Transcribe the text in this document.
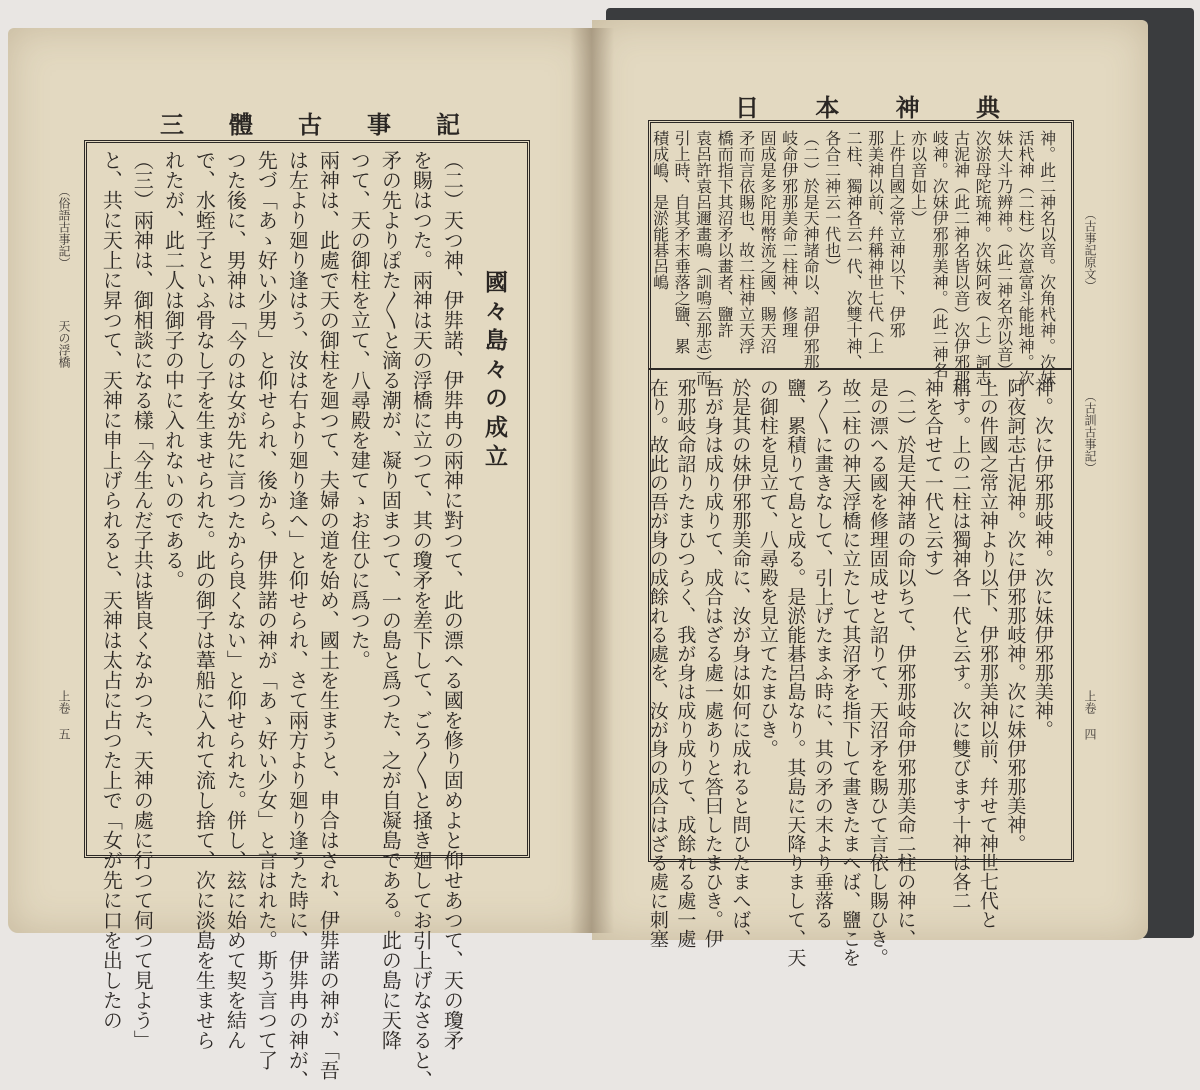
三 體 古 事 記
（俗語古事記）
天の浮橋
上卷 五
國々島々の成立
（二）天つ神、伊弉諾、伊弉冉の兩神に對つて、此の漂へる國を修り固めよと仰せあつて、天の瓊矛
を賜はつた。兩神は天の浮橋に立つて、其の瓊矛を差下して、ごろ〳〵と掻き廻してお引上げなさると、
矛の先よりぽた〳〵と滴る潮が、凝り固まつて、一の島と爲つた、之が自凝島である。此の島に天降
つて、天の御柱を立て、八尋殿を建てゝお住ひに爲つた。
兩神は、此處で天の御柱を廻つて、夫婦の道を始め、國土を生まうと、申合はされ、伊弉諾の神が、「吾
は左より廻り逢はう、汝は右より廻り逢へ」と仰せられ、さて兩方より廻り逢うた時に、伊弉冉の神が、
先づ「あゝ好い少男」と仰せられ、後から、伊弉諾の神が「あゝ好い少女」と言はれた。斯う言つて了
つた後に、男神は「今のは女が先に言つたから良くない」と仰せられた。併し、玆に始めて契を結ん
で、水蛭子といふ骨なし子を生ませられた。此の御子は葦船に入れて流し捨て、次に淡島を生ませら
れたが、此二人は御子の中に入れないのである。
（三）兩神は、御相談になる樣「今生んだ子共は皆良くなかつた、天神の處に行つて伺つて見よう」
と、共に天上に昇つて、天神に申上げられると、天神は太占に占つた上で「女が先に口を出したの
日 本 神 典
（古事記原文）
（古訓古事記）
上卷 四
神。此二神名以音。次角杙神。次妹
活杙神（二柱）次意富斗能地神。次
妹大斗乃辨神。（此二神名亦以音）
次淤母陀琉神。次妹阿夜（上）訶志
古泥神（此二神名皆以音）次伊邪那
岐神。次妹伊邪那美神。（此二神名
亦以音如上）
上件自國之常立神以下、伊邪
那美神以前、幷稱神世七代（上
二柱、獨神各云一代、次雙十神、
各合二神云一代也）
（二）於是天神諸命以、詔伊邪那
岐命伊邪那美命二柱神、修理
固成是多陀用幣流之國、賜天沼
矛而言依賜也、故二柱神立天浮
橋而指下其沼矛以畫者、鹽許
袁呂許袁呂邇畫鳴（訓鳴云那志）而
引上時、自其矛末垂落之鹽、累
積成嶋、是淤能碁呂嶋
神。次に伊邪那岐神。次に妹伊邪那美神。
阿夜訶志古泥神。次に伊邪那岐神。次に妹伊邪那美神。
上の件國之常立神より以下、伊邪那美神以前、幷せて神世七代と
稱す。上の二柱は獨神各一代と云す。次に雙びます十神は各二
神を合せて一代と云す）
（二）於是天神諸の命以ちて、伊邪那岐命伊邪那美命二柱の神に、
是の漂へる國を修理固成せと詔りて、天沼矛を賜ひて言依し賜ひき。
故二柱の神天浮橋に立たして其沼矛を指下して畫きたまへば、鹽こを
ろ〳〵に畫きなして、引上げたまふ時に、其の矛の末より垂落る
鹽、累積りて島と成る。是淤能碁呂島なり。其島に天降りまして、天
の御柱を見立て、八尋殿を見立てたまひき。
於是其の妹伊邪那美命に、汝が身は如何に成れると問ひたまへば、
吾が身は成り成りて、成合はざる處一處ありと答曰したまひき。伊
邪那岐命詔りたまひつらく、我が身は成り成りて、成餘れる處一處
在り。故此の吾が身の成餘れる處を、汝が身の成合はざる處に刺塞
